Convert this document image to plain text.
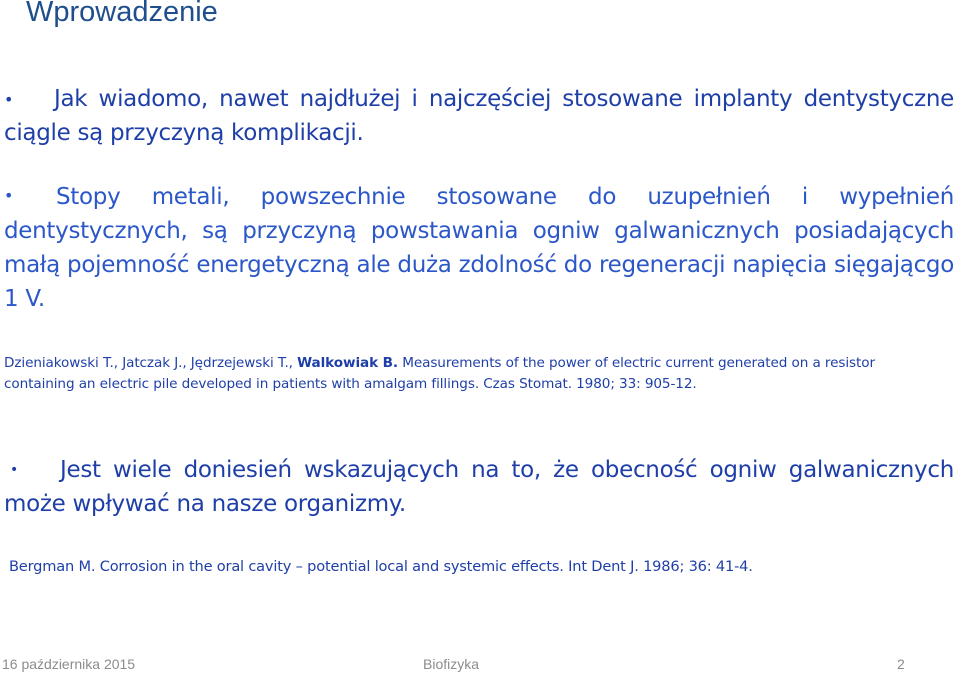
Wprowadzenie
•	Jak wiadomo, nawet najdłużej i najczęściej stosowane implanty dentystyczne ciągle są przyczyną komplikacji.

•	Stopy metali, powszechnie stosowane do uzupełnień i wypełnień dentystycznych, są przyczyną powstawania ogniw galwanicznych posiadających małą pojemność energetyczną ale duża zdolność do regeneracji napięcia sięgającgo 1 V.

Dzieniakowski T., Jatczak J., Jędrzejewski T., Walkowiak B. Measurements of the power of electric current generated on a resistor containing an electric pile developed in patients with amalgam fillings. Czas Stomat. 1980; 33: 905-12.

•	Jest wiele doniesień wskazujących na to, że obecność ogniw galwanicznych może wpływać na nasze organizmy.

Bergman M. Corrosion in the oral cavity – potential local and systemic effects. Int Dent J. 1986; 36: 41-4.

16 października 2015	Biofizyka	2
